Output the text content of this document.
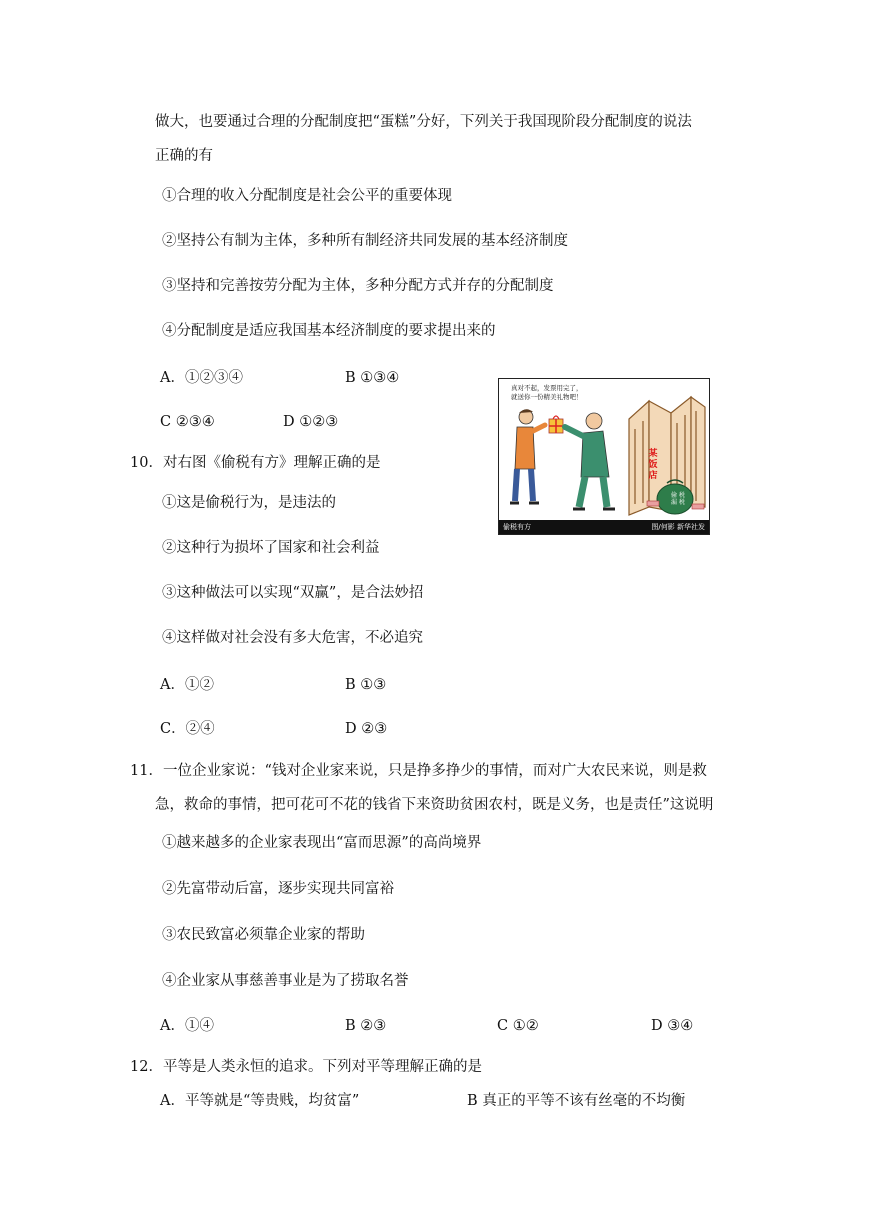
做大，也要通过合理的分配制度把“蛋糕”分好，下列关于我国现阶段分配制度的说法
正确的有
①合理的收入分配制度是社会公平的重要体现
②坚持公有制为主体，多种所有制经济共同发展的基本经济制度
③坚持和完善按劳分配为主体，多种分配方式并存的分配制度
④分配制度是适应我国基本经济制度的要求提出来的
A．①②③④	B ①③④
C ②③④	D ①②③
真对不起，发票用完了，
就送你一份精美礼物吧！
某饭店
偷 税
漏 税
偷税有方	图/何影 新华社发
10．对右图《偷税有方》理解正确的是
①这是偷税行为，是违法的
②这种行为损坏了国家和社会利益
③这种做法可以实现“双赢”，是合法妙招
④这样做对社会没有多大危害，不必追究
A．①②	B ①③
C．②④	D ②③
11．一位企业家说：“钱对企业家来说，只是挣多挣少的事情，而对广大农民来说，则是救
急，救命的事情，把可花可不花的钱省下来资助贫困农村，既是义务，也是责任”这说明
①越来越多的企业家表现出“富而思源”的高尚境界
②先富带动后富，逐步实现共同富裕
③农民致富必须靠企业家的帮助
④企业家从事慈善事业是为了捞取名誉
A．①④	B ②③	C ①②	D ③④
12．平等是人类永恒的追求。下列对平等理解正确的是
A．平等就是“等贵贱，均贫富”	B 真正的平等不该有丝毫的不均衡
